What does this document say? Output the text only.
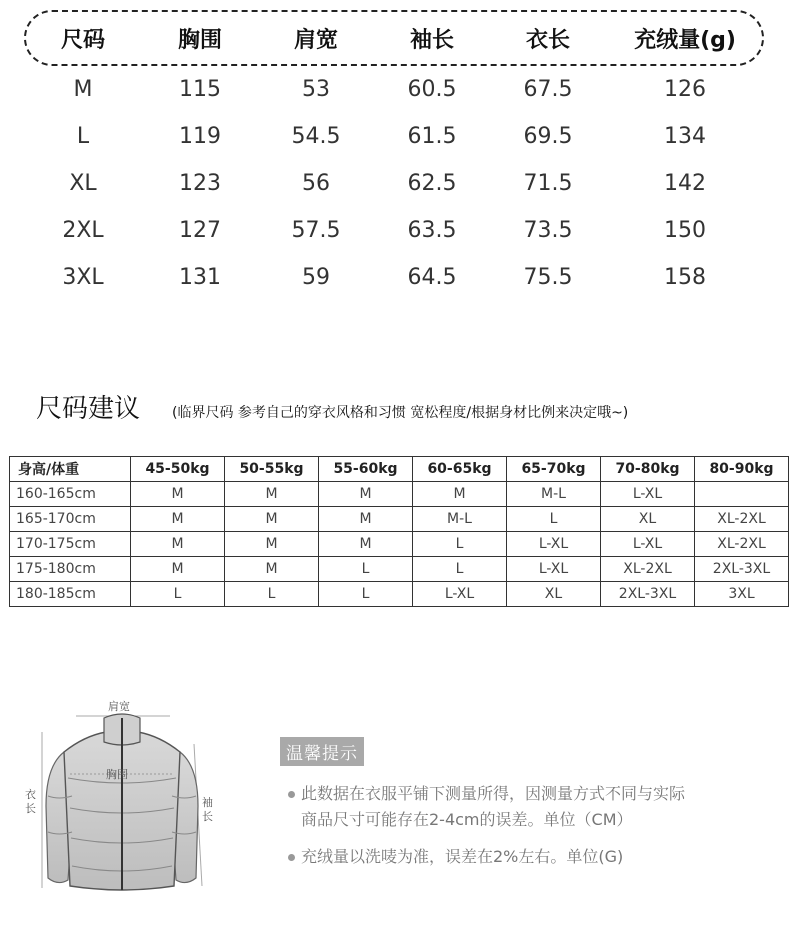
尺码	胸围	肩宽	袖长	衣长	充绒量(g)
M	115	53	60.5	67.5	126
L	119	54.5	61.5	69.5	134
XL	123	56	62.5	71.5	142
2XL	127	57.5	63.5	73.5	150
3XL	131	59	64.5	75.5	158
尺码建议 (临界尺码 参考自己的穿衣风格和习惯 宽松程度/根据身材比例来决定哦~)
身高/体重	45-50kg	50-55kg	55-60kg	60-65kg	65-70kg	70-80kg	80-90kg
160-165cm	M	M	M	M	M-L	L-XL	
165-170cm	M	M	M	M-L	L	XL	XL-2XL
170-175cm	M	M	M	L	L-XL	L-XL	XL-2XL
175-180cm	M	M	L	L	L-XL	XL-2XL	2XL-3XL
180-185cm	L	L	L	L-XL	XL	2XL-3XL	3XL
肩宽
胸围
衣长	袖长
温馨提示
此数据在衣服平铺下测量所得，因测量方式不同与实际
商品尺寸可能存在2-4cm的误差。单位（CM）
充绒量以洗唛为准，误差在2%左右。单位(G)
